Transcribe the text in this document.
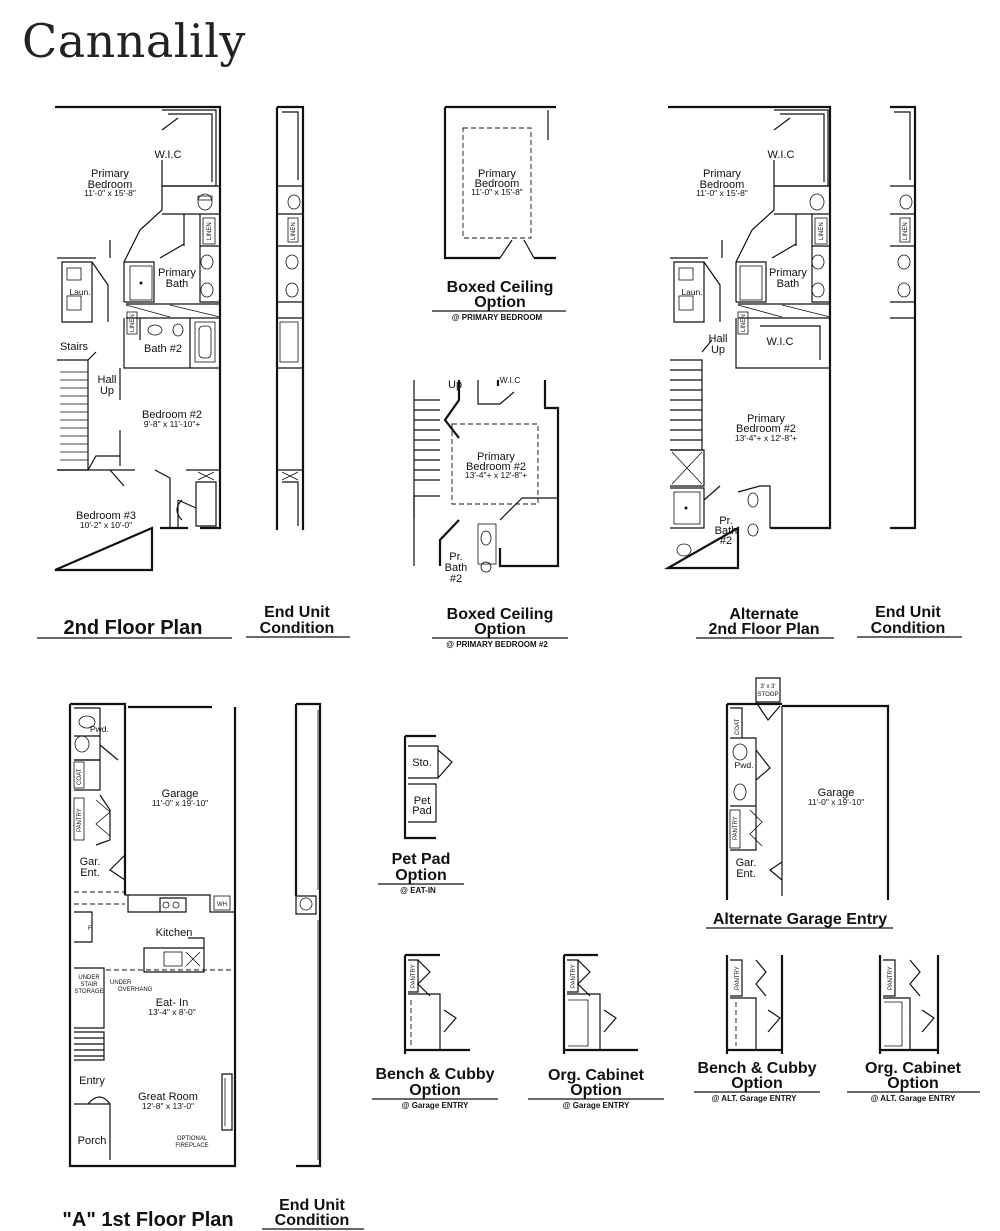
Cannalily
LINEN
LINEN
W.I.C
Primary
Bedroom
11'-0" x 15'-8"
Laun.
Primary
Bath
Bath #2
Stairs
Hall
Up
Bedroom #2
9'-8" x 11'-10"+
Bedroom #3
10'-2" x 10'-0"
2nd Floor Plan
LINEN
End Unit
Condition
Primary
Bedroom
11'-0" x 15'-8"
Boxed Ceiling
Option
@ PRIMARY BEDROOM
Up	W.I.C
Primary
Bedroom #2
13'-4"+ x 12'-8"+
Pr.
Bath
#2
Boxed Ceiling
Option
@ PRIMARY BEDROOM #2
LINEN
LINEN
W.I.C
Primary
Bedroom
11'-0" x 15'-8"
Laun.
Primary
Bath
Hall
Up
W.I.C
Primary
Bedroom #2
13'-4"+ x 12'-8"+
Pr.
Bath
#2
Alternate
2nd Floor Plan
LINEN
End Unit
Condition
COAT
PANTRY
WH
F
Pwd.
Garage
11'-0" x 19'-10"
Gar.
Ent.
Kitchen
UNDER
STAIR
STORAGE
UNDER
OVERHANG
Eat- In
13'-4" x 8'-0"
Entry
Great Room
12'-8" x 13'-0"
Porch	OPTIONAL
FIREPLACE
"A" 1st Floor Plan
End Unit
Condition
Sto.
Pet
Pad
Pet Pad
Option
@ EAT-IN
3' x 3'
STOOP
COAT
PANTRY
Garage
11'-0" x 19'-10"
Pwd.
Gar.
Ent.
Alternate Garage Entry
PANTRY
Bench & Cubby
Option
@ Garage ENTRY
PANTRY
Org. Cabinet
Option
@ Garage ENTRY
PANTRY
Bench & Cubby
Option
@ ALT. Garage ENTRY
PANTRY
Org. Cabinet
Option
@ ALT. Garage ENTRY
